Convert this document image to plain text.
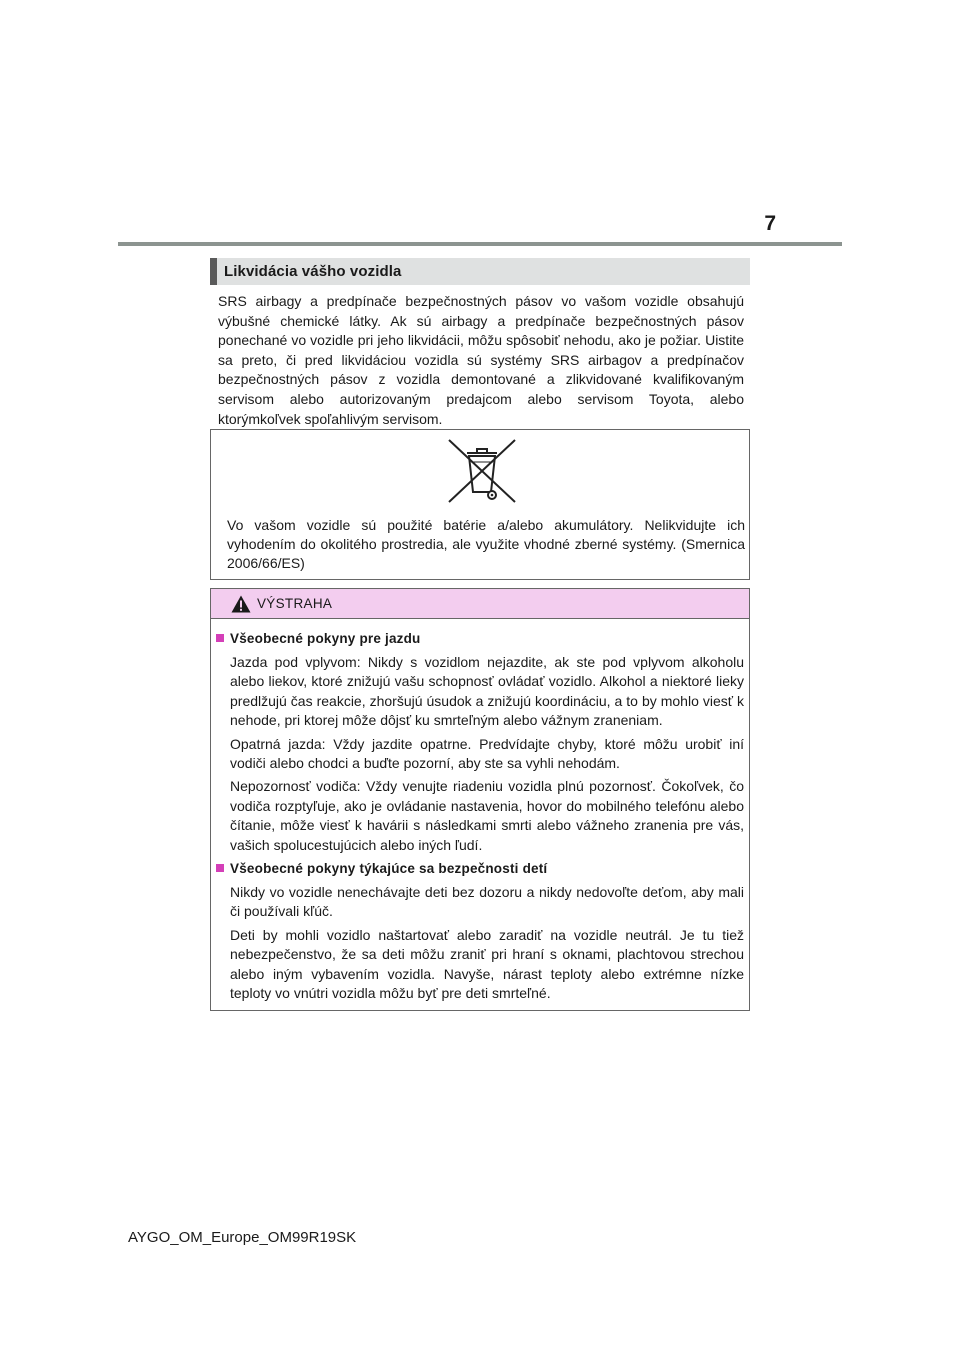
7
Likvidácia vášho vozidla

SRS airbagy a predpínače bezpečnostných pásov vo vašom vozidle obsahujú výbušné chemické látky. Ak sú airbagy a predpínače bezpečnostných pásov ponechané vo vozidle pri jeho likvidácii, môžu spôsobiť nehodu, ako je požiar. Uistite sa preto, či pred likvidáciou vozidla sú systémy SRS airbagov a predpínačov bezpečnostných pásov z vozidla demontované a zlikvidované kvalifikovaným servisom alebo autorizovaným predajcom alebo servisom Toyota, alebo ktorýmkoľvek spoľahlivým servisom.

Vo vašom vozidle sú použité batérie a/alebo akumulátory. Nelikvidujte ich vyhodením do okolitého prostredia, ale využite vhodné zberné systémy. (Smernica 2006/66/ES)

VÝSTRAHA

Všeobecné pokyny pre jazdu

Jazda pod vplyvom: Nikdy s vozidlom nejazdite, ak ste pod vplyvom alkoholu alebo liekov, ktoré znižujú vašu schopnosť ovládať vozidlo. Alkohol a niektoré lieky predlžujú čas reakcie, zhoršujú úsudok a znižujú koordináciu, a to by mohlo viesť k nehode, pri ktorej môže dôjsť ku smrteľným alebo vážnym zraneniam.

Opatrná jazda: Vždy jazdite opatrne. Predvídajte chyby, ktoré môžu urobiť iní vodiči alebo chodci a buďte pozorní, aby ste sa vyhli nehodám.

Nepozornosť vodiča: Vždy venujte riadeniu vozidla plnú pozornosť. Čokoľvek, čo vodiča rozptyľuje, ako je ovládanie nastavenia, hovor do mobilného telefónu alebo čítanie, môže viesť k havárii s následkami smrti alebo vážneho zranenia pre vás, vašich spolucestujúcich alebo iných ľudí.

Všeobecné pokyny týkajúce sa bezpečnosti detí

Nikdy vo vozidle nenechávajte deti bez dozoru a nikdy nedovoľte deťom, aby mali či používali kľúč.

Deti by mohli vozidlo naštartovať alebo zaradiť na vozidle neutrál. Je tu tiež nebezpečenstvo, že sa deti môžu zraniť pri hraní s oknami, plachtovou strechou alebo iným vybavením vozidla. Navyše, nárast teploty alebo extrémne nízke teploty vo vnútri vozidla môžu byť pre deti smrteľné.

AYGO_OM_Europe_OM99R19SK
